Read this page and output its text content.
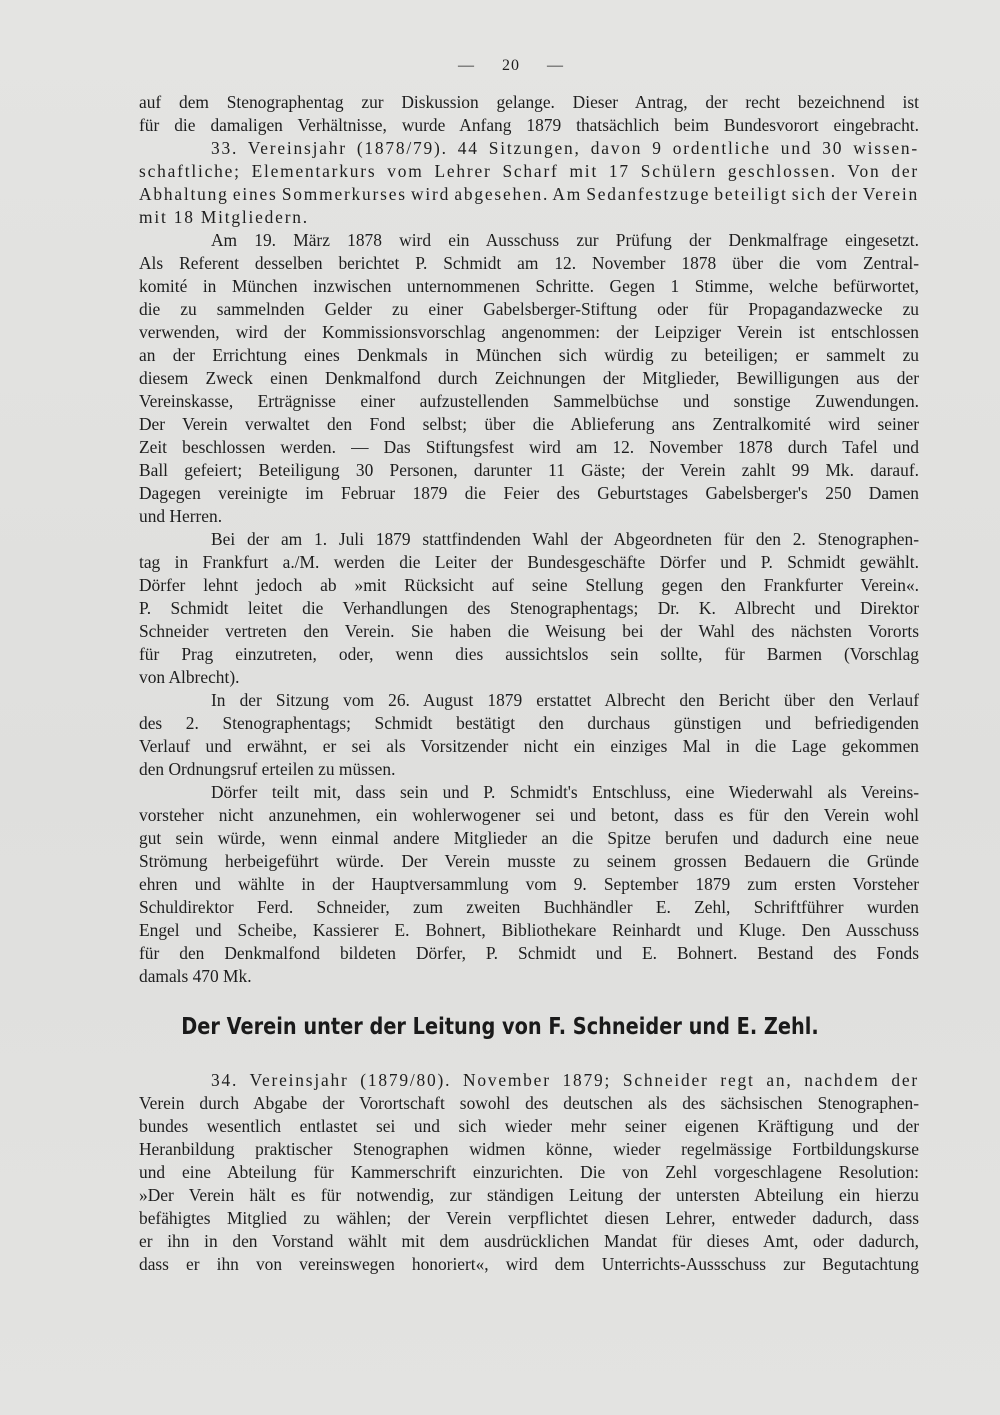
— 20 —
auf dem Stenographentag zur Diskussion gelange. Dieser Antrag, der recht bezeichnend ist
für die damaligen Verhältnisse, wurde Anfang 1879 thatsächlich beim Bundesvorort eingebracht.
33. Vereinsjahr (1878/79). 44 Sitzungen, davon 9 ordentliche und 30 wissen-
schaftliche; Elementarkurs vom Lehrer Scharf mit 17 Schülern geschlossen. Von der
Abhaltung eines Sommerkurses wird abgesehen. Am Sedanfestzuge beteiligt sich der Verein
mit 18 Mitgliedern.
Am 19. März 1878 wird ein Ausschuss zur Prüfung der Denkmalfrage eingesetzt.
Als Referent desselben berichtet P. Schmidt am 12. November 1878 über die vom Zentral-
komité in München inzwischen unternommenen Schritte. Gegen 1 Stimme, welche befürwortet,
die zu sammelnden Gelder zu einer Gabelsberger-Stiftung oder für Propagandazwecke zu
verwenden, wird der Kommissionsvorschlag angenommen: der Leipziger Verein ist entschlossen
an der Errichtung eines Denkmals in München sich würdig zu beteiligen; er sammelt zu
diesem Zweck einen Denkmalfond durch Zeichnungen der Mitglieder, Bewilligungen aus der
Vereinskasse, Erträgnisse einer aufzustellenden Sammelbüchse und sonstige Zuwendungen.
Der Verein verwaltet den Fond selbst; über die Ablieferung ans Zentralkomité wird seiner
Zeit beschlossen werden. — Das Stiftungsfest wird am 12. November 1878 durch Tafel und
Ball gefeiert; Beteiligung 30 Personen, darunter 11 Gäste; der Verein zahlt 99 Mk. darauf.
Dagegen vereinigte im Februar 1879 die Feier des Geburtstages Gabelsberger's 250 Damen
und Herren.
Bei der am 1. Juli 1879 stattfindenden Wahl der Abgeordneten für den 2. Stenographen-
tag in Frankfurt a./M. werden die Leiter der Bundesgeschäfte Dörfer und P. Schmidt gewählt.
Dörfer lehnt jedoch ab »mit Rücksicht auf seine Stellung gegen den Frankfurter Verein«.
P. Schmidt leitet die Verhandlungen des Stenographentags; Dr. K. Albrecht und Direktor
Schneider vertreten den Verein. Sie haben die Weisung bei der Wahl des nächsten Vororts
für Prag einzutreten, oder, wenn dies aussichtslos sein sollte, für Barmen (Vorschlag
von Albrecht).
In der Sitzung vom 26. August 1879 erstattet Albrecht den Bericht über den Verlauf
des 2. Stenographentags; Schmidt bestätigt den durchaus günstigen und befriedigenden
Verlauf und erwähnt, er sei als Vorsitzender nicht ein einziges Mal in die Lage gekommen
den Ordnungsruf erteilen zu müssen.
Dörfer teilt mit, dass sein und P. Schmidt's Entschluss, eine Wiederwahl als Vereins-
vorsteher nicht anzunehmen, ein wohlerwogener sei und betont, dass es für den Verein wohl
gut sein würde, wenn einmal andere Mitglieder an die Spitze berufen und dadurch eine neue
Strömung herbeigeführt würde. Der Verein musste zu seinem grossen Bedauern die Gründe
ehren und wählte in der Hauptversammlung vom 9. September 1879 zum ersten Vorsteher
Schuldirektor Ferd. Schneider, zum zweiten Buchhändler E. Zehl, Schriftführer wurden
Engel und Scheibe, Kassierer E. Bohnert, Bibliothekare Reinhardt und Kluge. Den Ausschuss
für den Denkmalfond bildeten Dörfer, P. Schmidt und E. Bohnert. Bestand des Fonds
damals 470 Mk.
Der Verein unter der Leitung von F. Schneider und E. Zehl.
34. Vereinsjahr (1879/80). November 1879; Schneider regt an, nachdem der
Verein durch Abgabe der Vorortschaft sowohl des deutschen als des sächsischen Stenographen-
bundes wesentlich entlastet sei und sich wieder mehr seiner eigenen Kräftigung und der
Heranbildung praktischer Stenographen widmen könne, wieder regelmässige Fortbildungskurse
und eine Abteilung für Kammerschrift einzurichten. Die von Zehl vorgeschlagene Resolution:
»Der Verein hält es für notwendig, zur ständigen Leitung der untersten Abteilung ein hierzu
befähigtes Mitglied zu wählen; der Verein verpflichtet diesen Lehrer, entweder dadurch, dass
er ihn in den Vorstand wählt mit dem ausdrücklichen Mandat für dieses Amt, oder dadurch,
dass er ihn von vereinswegen honoriert«, wird dem Unterrichts-Aussschuss zur Begutachtung
